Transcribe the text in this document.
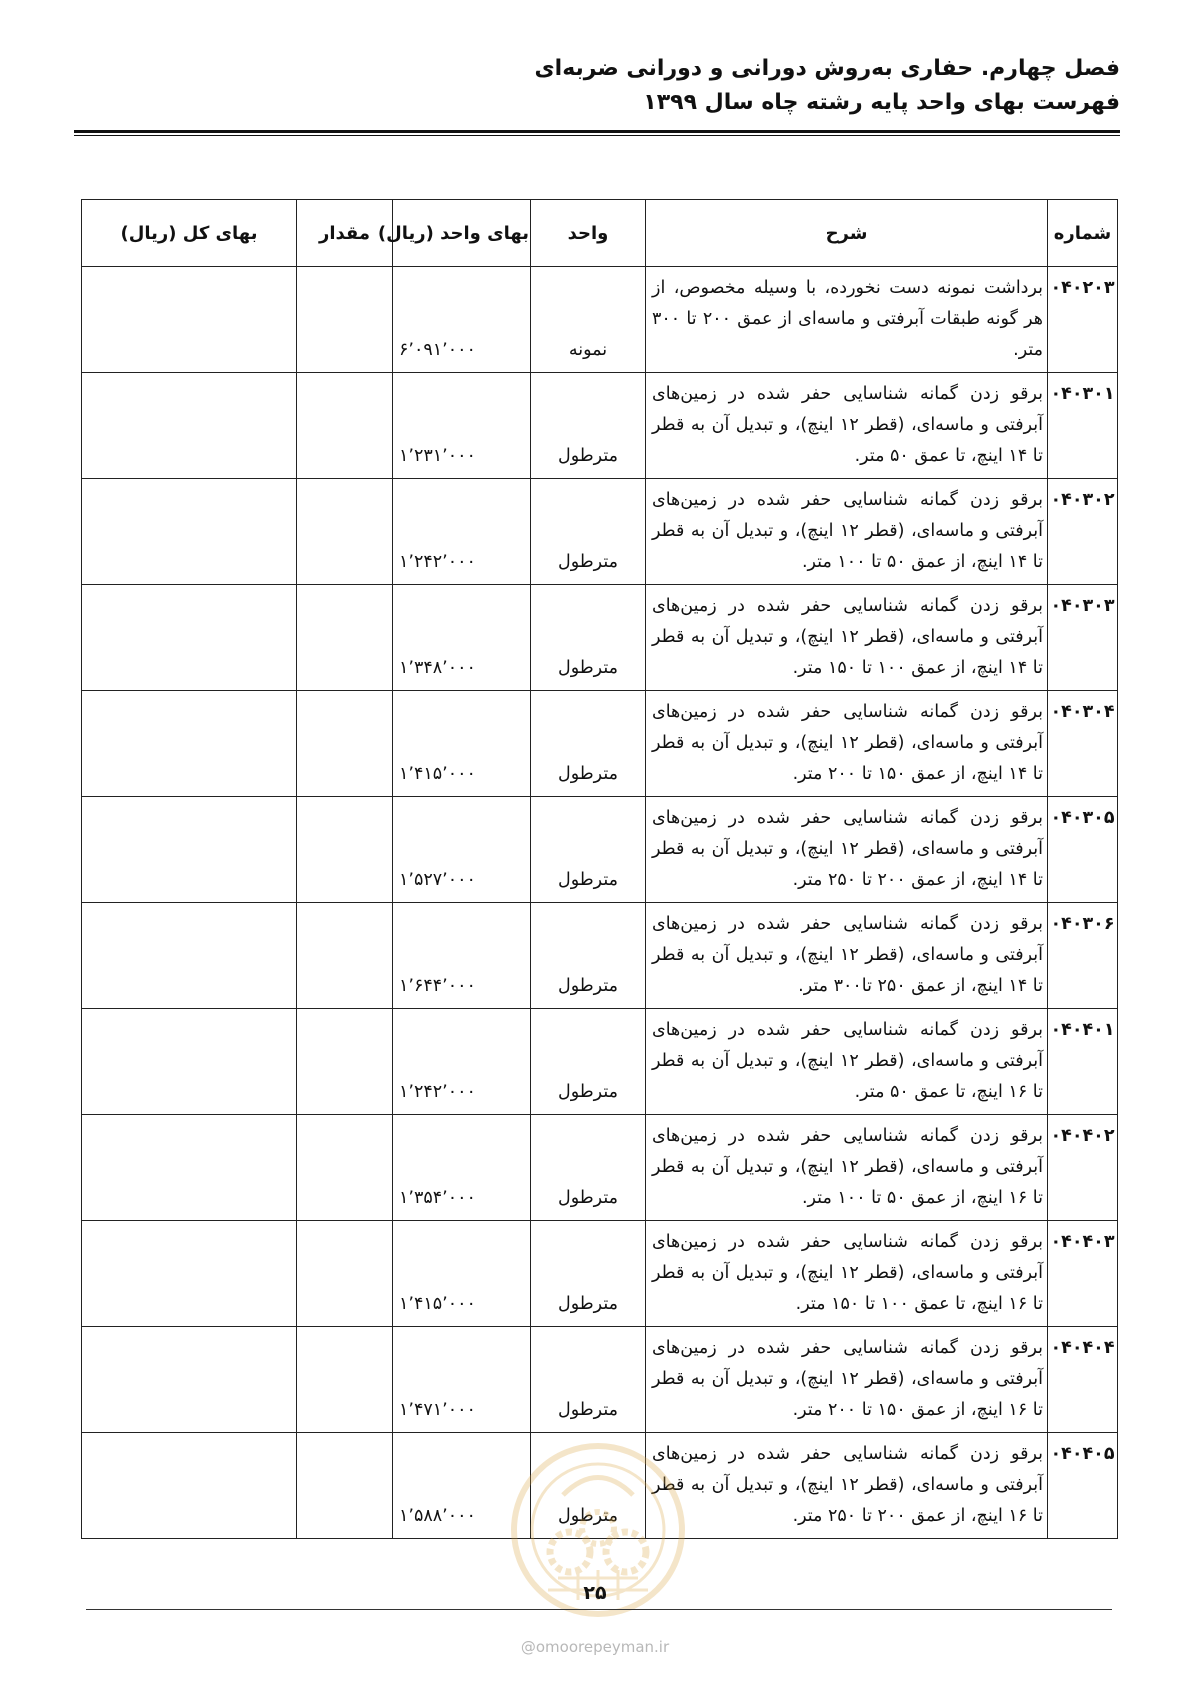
فصل چهارم. حفاری به‌روش دورانی و دورانی ضربه‌ای
فهرست بهای واحد پایه رشته چاه سال ۱۳۹۹
شماره	شرح	واحد	بهای واحد (ریال)	مقدار	بهای کل (ریال)
۰۴۰۲۰۳	برداشت نمونه دست نخورده، با وسیله مخصوص، از هر گونه طبقات آبرفتی و ماسه‌ای از عمق ۲۰۰ تا ۳۰۰ متر.	نمونه	۶٬۰۹۱٬۰۰۰		
۰۴۰۳۰۱	برقو زدن گمانه شناسایی حفر شده در زمین‌های آبرفتی و ماسه‌ای، (قطر ۱۲ اینچ)، و تبدیل آن به قطر تا ۱۴ اینچ، تا عمق ۵۰ متر.	مترطول	۱٬۲۳۱٬۰۰۰		
۰۴۰۳۰۲	برقو زدن گمانه شناسایی حفر شده در زمین‌های آبرفتی و ماسه‌ای، (قطر ۱۲ اینچ)، و تبدیل آن به قطر تا ۱۴ اینچ، از عمق ۵۰ تا ۱۰۰ متر.	مترطول	۱٬۲۴۲٬۰۰۰		
۰۴۰۳۰۳	برقو زدن گمانه شناسایی حفر شده در زمین‌های آبرفتی و ماسه‌ای، (قطر ۱۲ اینچ)، و تبدیل آن به قطر تا ۱۴ اینچ، از عمق ۱۰۰ تا ۱۵۰ متر.	مترطول	۱٬۳۴۸٬۰۰۰		
۰۴۰۳۰۴	برقو زدن گمانه شناسایی حفر شده در زمین‌های آبرفتی و ماسه‌ای، (قطر ۱۲ اینچ)، و تبدیل آن به قطر تا ۱۴ اینچ، از عمق ۱۵۰ تا ۲۰۰ متر.	مترطول	۱٬۴۱۵٬۰۰۰		
۰۴۰۳۰۵	برقو زدن گمانه شناسایی حفر شده در زمین‌های آبرفتی و ماسه‌ای، (قطر ۱۲ اینچ)، و تبدیل آن به قطر تا ۱۴ اینچ، از عمق ۲۰۰ تا ۲۵۰ متر.	مترطول	۱٬۵۲۷٬۰۰۰		
۰۴۰۳۰۶	برقو زدن گمانه شناسایی حفر شده در زمین‌های آبرفتی و ماسه‌ای، (قطر ۱۲ اینچ)، و تبدیل آن به قطر تا ۱۴ اینچ، از عمق ۲۵۰ تا۳۰۰ متر.	مترطول	۱٬۶۴۴٬۰۰۰		
۰۴۰۴۰۱	برقو زدن گمانه شناسایی حفر شده در زمین‌های آبرفتی و ماسه‌ای، (قطر ۱۲ اینچ)، و تبدیل آن به قطر تا ۱۶ اینچ، تا عمق ۵۰ متر.	مترطول	۱٬۲۴۲٬۰۰۰		
۰۴۰۴۰۲	برقو زدن گمانه شناسایی حفر شده در زمین‌های آبرفتی و ماسه‌ای، (قطر ۱۲ اینچ)، و تبدیل آن به قطر تا ۱۶ اینچ، از عمق ۵۰ تا ۱۰۰ متر.	مترطول	۱٬۳۵۴٬۰۰۰		
۰۴۰۴۰۳	برقو زدن گمانه شناسایی حفر شده در زمین‌های آبرفتی و ماسه‌ای، (قطر ۱۲ اینچ)، و تبدیل آن به قطر تا ۱۶ اینچ، تا عمق ۱۰۰ تا ۱۵۰ متر.	مترطول	۱٬۴۱۵٬۰۰۰		
۰۴۰۴۰۴	برقو زدن گمانه شناسایی حفر شده در زمین‌های آبرفتی و ماسه‌ای، (قطر ۱۲ اینچ)، و تبدیل آن به قطر تا ۱۶ اینچ، از عمق ۱۵۰ تا ۲۰۰ متر.	مترطول	۱٬۴۷۱٬۰۰۰		
۰۴۰۴۰۵	برقو زدن گمانه شناسایی حفر شده در زمین‌های آبرفتی و ماسه‌ای، (قطر ۱۲ اینچ)، و تبدیل آن به قطر تا ۱۶ اینچ، از عمق ۲۰۰ تا ۲۵۰ متر.	مترطول	۱٬۵۸۸٬۰۰۰		
۲۵
@omoorepeyman.ir
